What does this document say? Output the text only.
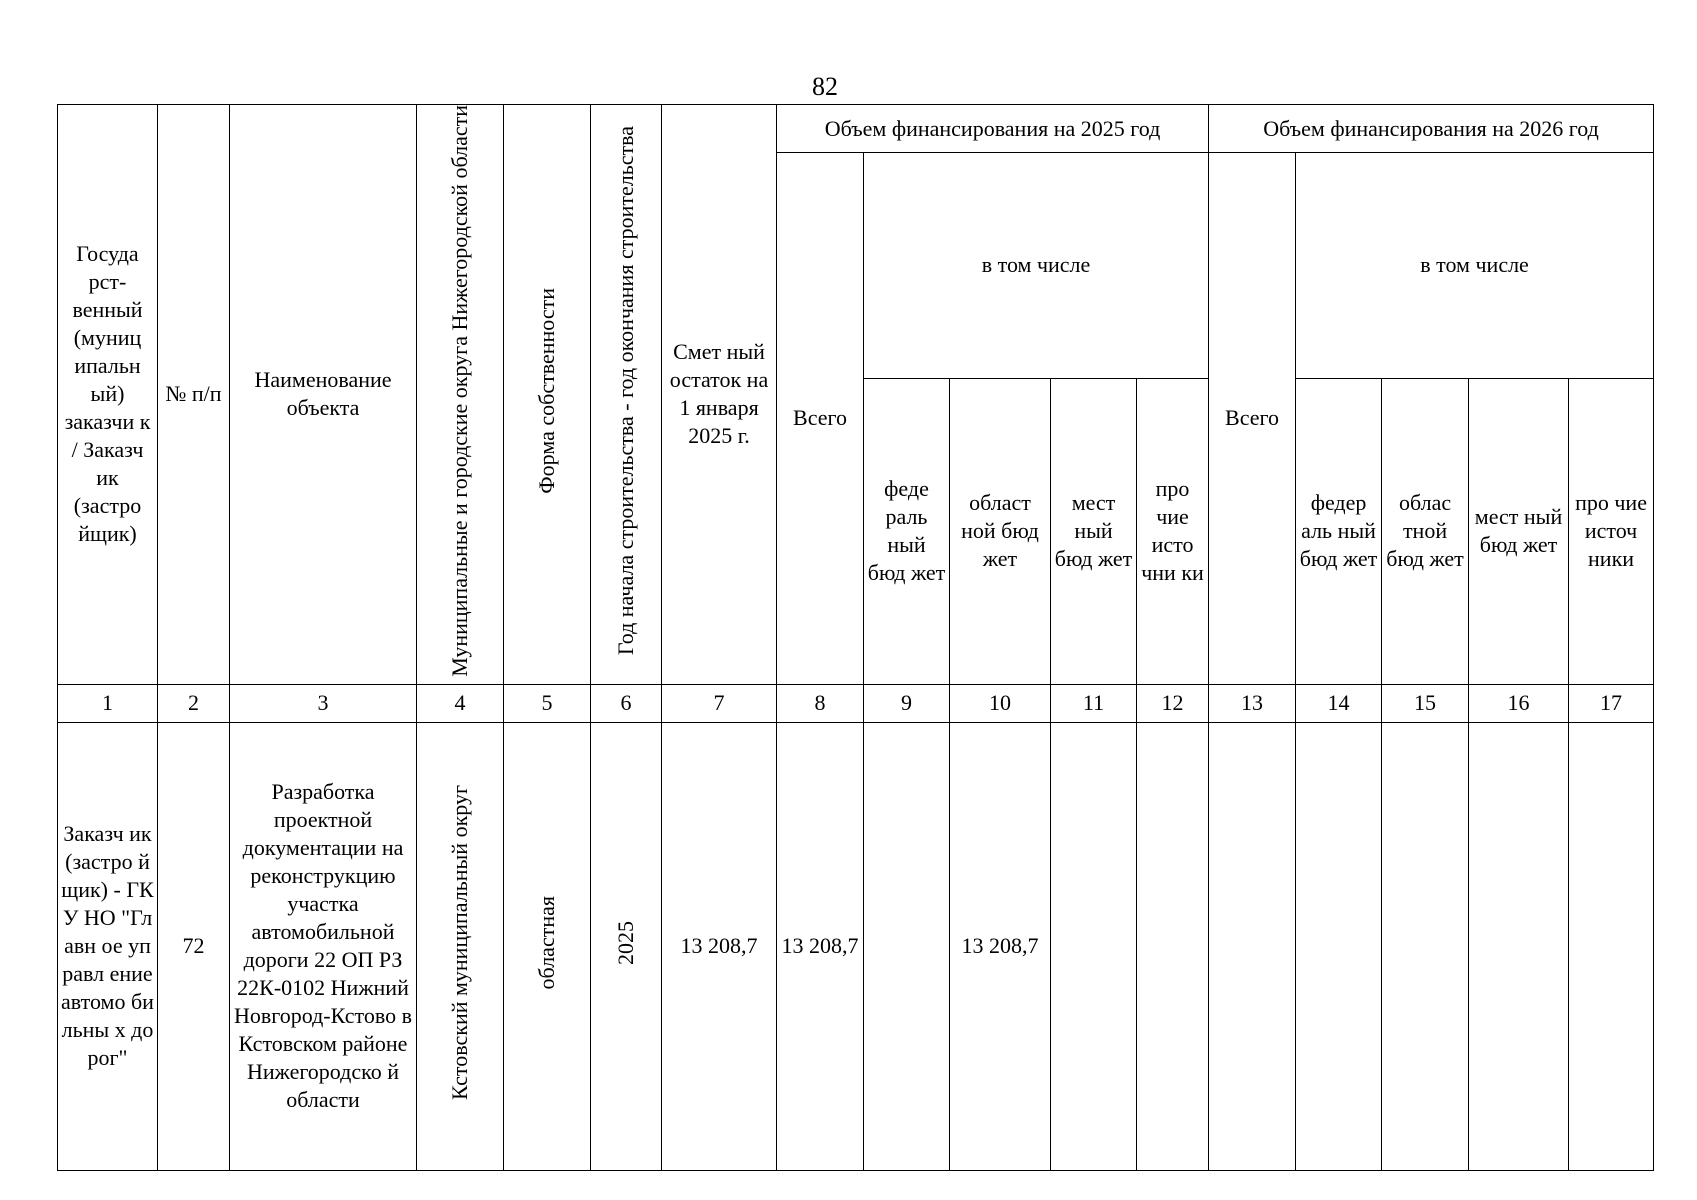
82
Госуда рст-венный (муниц ипальн ый) заказчи к / Заказч ик (застро йщик)	№ п/п	Наименование объекта	Муниципальные и городские округа Нижегородской области	Форма собственности	Год начала строительства - год окончания строительства	Смет ный остаток на 1 января 2025 г.	Объем финансирования на 2025 год					Объем финансирования на 2026 год				
							Всего	в том числе				Всего	в том числе			
								феде раль ный бюд жет	област ной бюд жет	мест ный бюд жет	про чие исто чни ки		федер аль ный бюд жет	облас тной бюд жет	мест ный бюд жет	про чие источ ники
1	2	3	4	5	6	7	8	9	10	11	12	13	14	15	16	17
Заказч ик (застро йщик) - ГКУ НО "Главн ое управл ение автомо бильны х дорог"	72	Разработка проектной документации на реконструкцию участка автомобильной дороги 22 ОП РЗ 22К-0102 Нижний Новгород-Кстово в Кстовском районе Нижегородско й области	Кстовский муниципальный округ	областная	2025	13 208,7	13 208,7		13 208,7							
